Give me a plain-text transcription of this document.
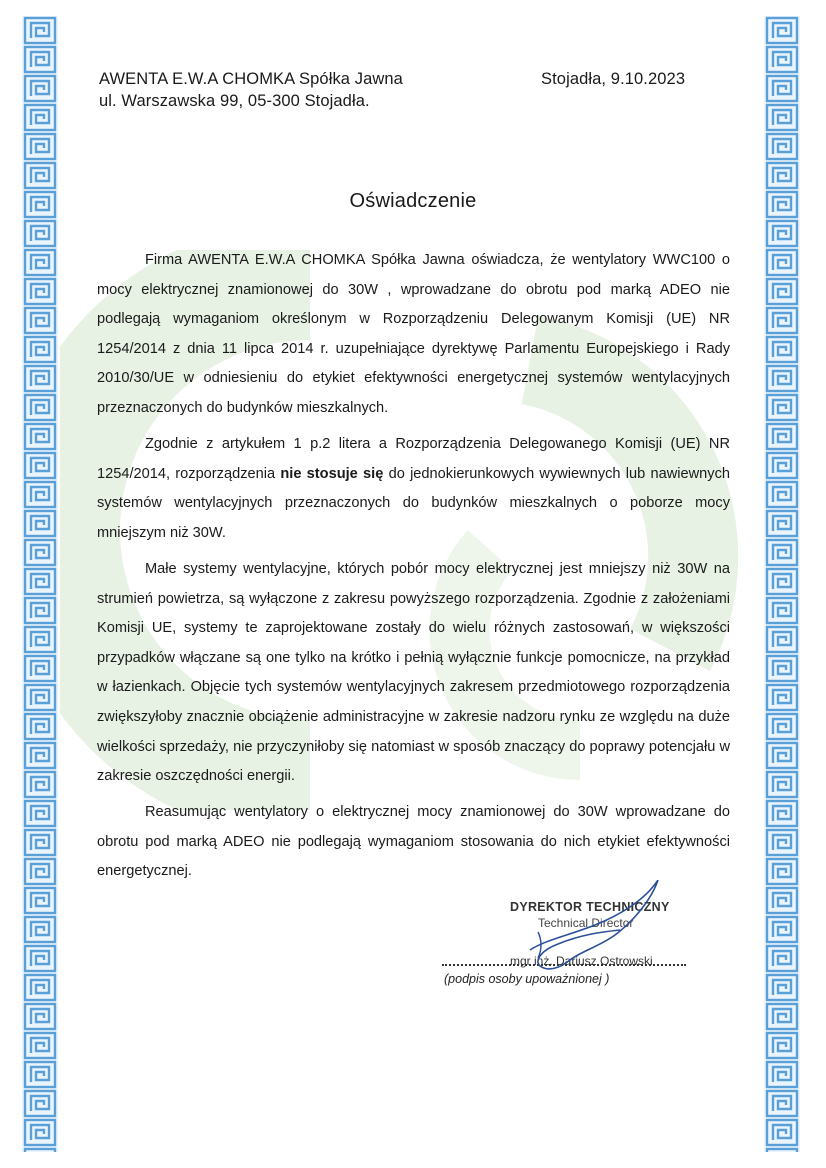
AWENTA E.W.A CHOMKA Spółka Jawna
ul. Warszawska 99, 05-300 Stojadła.
Stojadła, 9.10.2023
Oświadczenie

Firma AWENTA E.W.A CHOMKA Spółka Jawna oświadcza, że wentylatory WWC100 o mocy elektrycznej znamionowej do 30W , wprowadzane do obrotu pod marką ADEO nie podlegają wymaganiom określonym w Rozporządzeniu Delegowanym Komisji (UE) NR 1254/2014 z dnia 11 lipca 2014 r. uzupełniające dyrektywę Parlamentu Europejskiego i Rady 2010/30/UE w odniesieniu do etykiet efektywności energetycznej systemów wentylacyjnych przeznaczonych do budynków mieszkalnych.

Zgodnie z artykułem 1 p.2 litera a Rozporządzenia Delegowanego Komisji (UE) NR 1254/2014, rozporządzenia nie stosuje się do jednokierunkowych wywiewnych lub nawiewnych systemów wentylacyjnych przeznaczonych do budynków mieszkalnych o poborze mocy mniejszym niż 30W.

Małe systemy wentylacyjne, których pobór mocy elektrycznej jest mniejszy niż 30W na strumień powietrza, są wyłączone z zakresu powyższego rozporządzenia. Zgodnie z założeniami Komisji UE, systemy te zaprojektowane zostały do wielu różnych zastosowań, w większości przypadków włączane są one tylko na krótko i pełnią wyłącznie funkcje pomocnicze, na przykład w łazienkach. Objęcie tych systemów wentylacyjnych zakresem przedmiotowego rozporządzenia zwiększyłoby znacznie obciążenie administracyjne w zakresie nadzoru rynku ze względu na duże wielkości sprzedaży, nie przyczyniłoby się natomiast w sposób znaczący do poprawy potencjału w zakresie oszczędności energii.

Reasumując wentylatory o elektrycznej mocy znamionowej do 30W wprowadzane do obrotu pod marką ADEO nie podlegają wymaganiom stosowania do nich etykiet efektywności energetycznej.

DYREKTOR TECHNICZNY
Technical Director
mgr inż. Dariusz Ostrowski
(podpis osoby upoważnionej )
